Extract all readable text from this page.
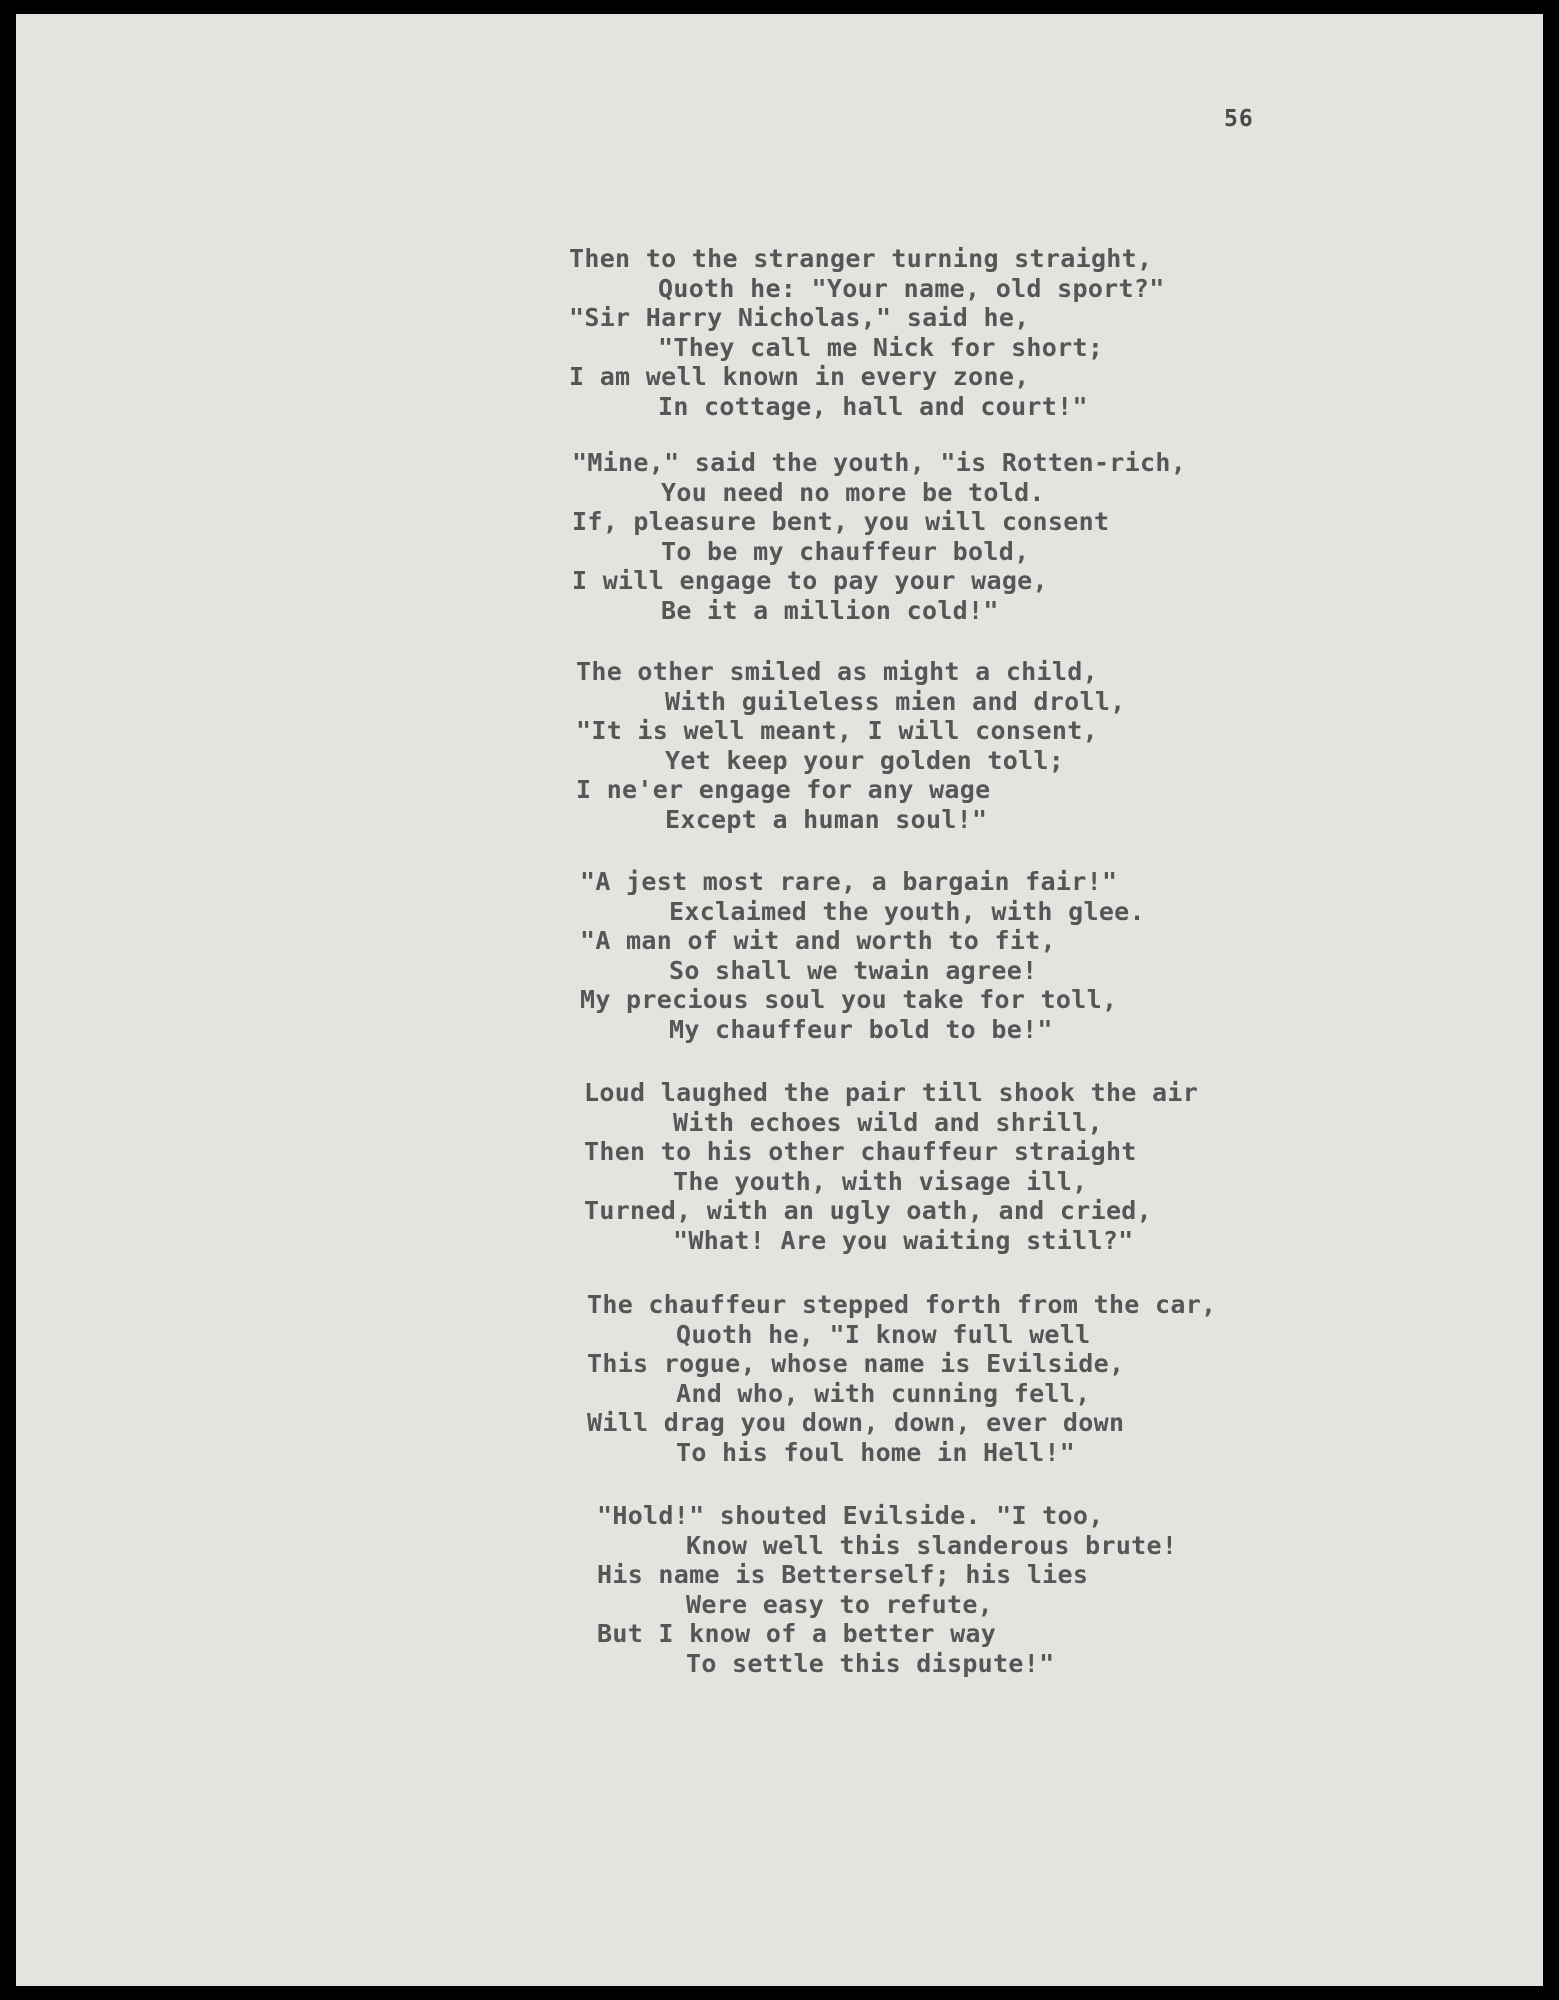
56
Then to the stranger turning straight,
Quoth he: "Your name, old sport?"
"Sir Harry Nicholas," said he,
"They call me Nick for short;
I am well known in every zone,
In cottage, hall and court!"
"Mine," said the youth, "is Rotten-rich,
You need no more be told.
If, pleasure bent, you will consent
To be my chauffeur bold,
I will engage to pay your wage,
Be it a million cold!"
The other smiled as might a child,
With guileless mien and droll,
"It is well meant, I will consent,
Yet keep your golden toll;
I ne'er engage for any wage
Except a human soul!"
"A jest most rare, a bargain fair!"
Exclaimed the youth, with glee.
"A man of wit and worth to fit,
So shall we twain agree!
My precious soul you take for toll,
My chauffeur bold to be!"
Loud laughed the pair till shook the air
With echoes wild and shrill,
Then to his other chauffeur straight
The youth, with visage ill,
Turned, with an ugly oath, and cried,
"What! Are you waiting still?"
The chauffeur stepped forth from the car,
Quoth he, "I know full well
This rogue, whose name is Evilside,
And who, with cunning fell,
Will drag you down, down, ever down
To his foul home in Hell!"
"Hold!" shouted Evilside. "I too,
Know well this slanderous brute!
His name is Betterself; his lies
Were easy to refute,
But I know of a better way
To settle this dispute!"
